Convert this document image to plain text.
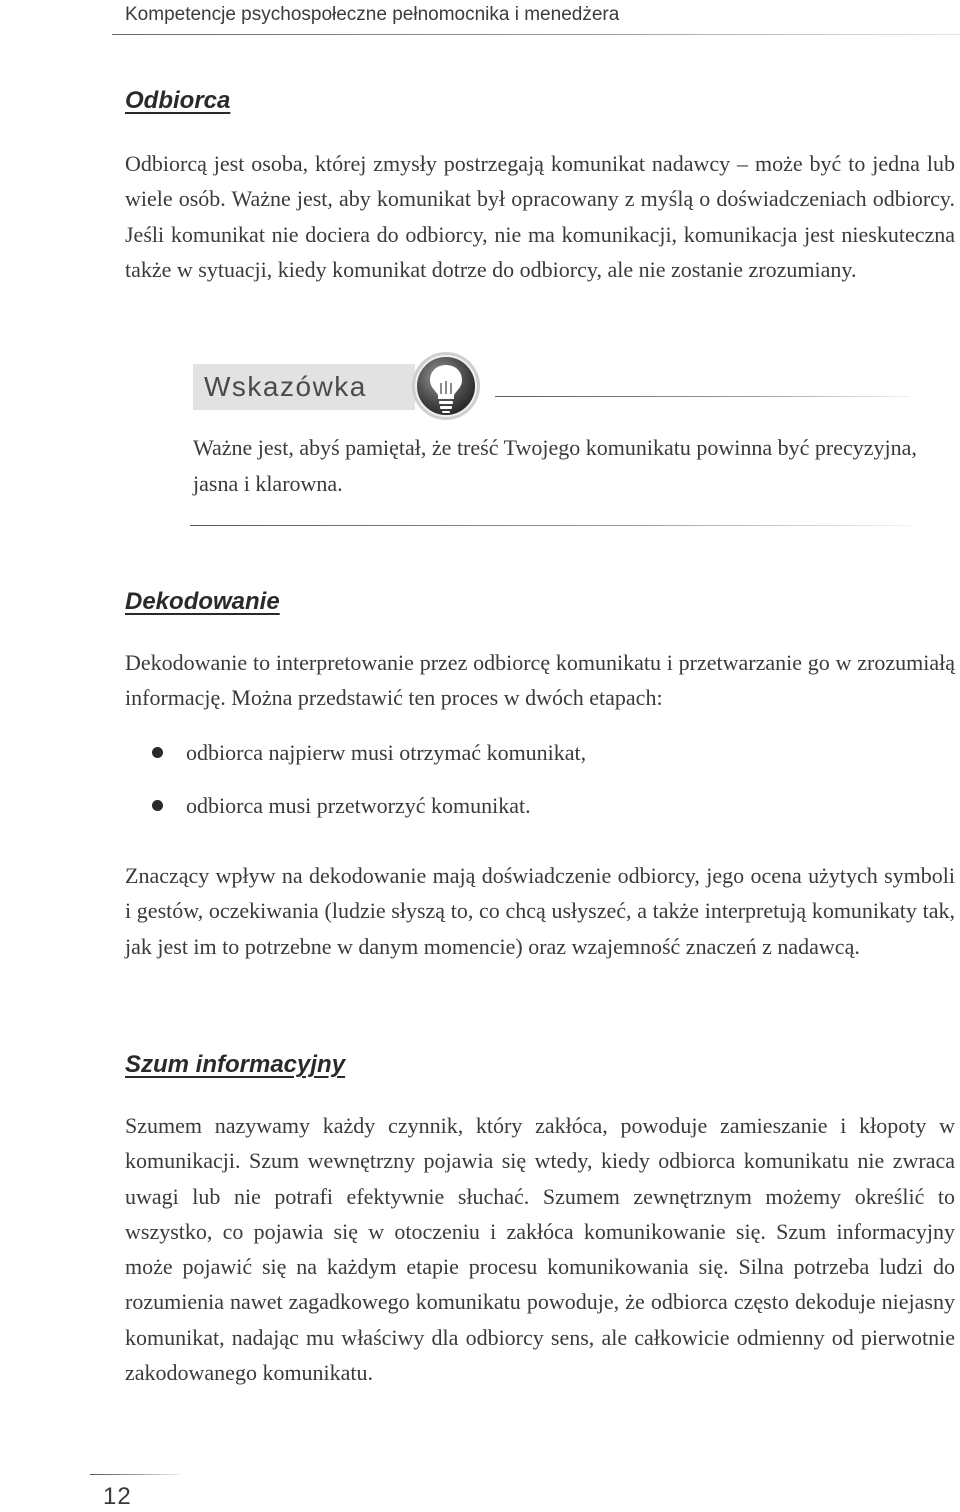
Kompetencje psychospołeczne pełnomocnika i menedżera
Odbiorca

Odbiorcą jest osoba, której zmysły postrzegają komunikat nadawcy – może być to jedna lub wiele osób. Ważne jest, aby komunikat był opracowany z myślą o doświadczeniach odbiorcy. Jeśli komunikat nie dociera do odbiorcy, nie ma komunikacji, komunikacja jest nieskuteczna także w sytuacji, kiedy komunikat dotrze do odbiorcy, ale nie zostanie zrozumiany.

Wskazówka

Ważne jest, abyś pamiętał, że treść Twojego komunikatu powinna być precyzyjna, jasna i klarowna.

Dekodowanie

Dekodowanie to interpretowanie przez odbiorcę komunikatu i przetwarzanie go w zrozumiałą informację. Można przedstawić ten proces w dwóch etapach:

odbiorca najpierw musi otrzymać komunikat,
odbiorca musi przetworzyć komunikat.

Znaczący wpływ na dekodowanie mają doświadczenie odbiorcy, jego ocena użytych symboli i gestów, oczekiwania (ludzie słyszą to, co chcą usłyszeć, a także interpretują komunikaty tak, jak jest im to potrzebne w danym momencie) oraz wzajemność znaczeń z nadawcą.

Szum informacyjny

Szumem nazywamy każdy czynnik, który zakłóca, powoduje zamieszanie i kłopoty w komunikacji. Szum wewnętrzny pojawia się wtedy, kiedy odbiorca komunikatu nie zwraca uwagi lub nie potrafi efektywnie słuchać. Szumem zewnętrznym możemy określić to wszystko, co pojawia się w otoczeniu i zakłóca komunikowanie się. Szum informacyjny może pojawić się na każdym etapie procesu komunikowania się. Silna potrzeba ludzi do rozumienia nawet zagadkowego komunikatu powoduje, że odbiorca często dekoduje niejasny komunikat, nadając mu właściwy dla odbiorcy sens, ale całkowicie odmienny od pierwotnie zakodowanego komunikatu.

12
